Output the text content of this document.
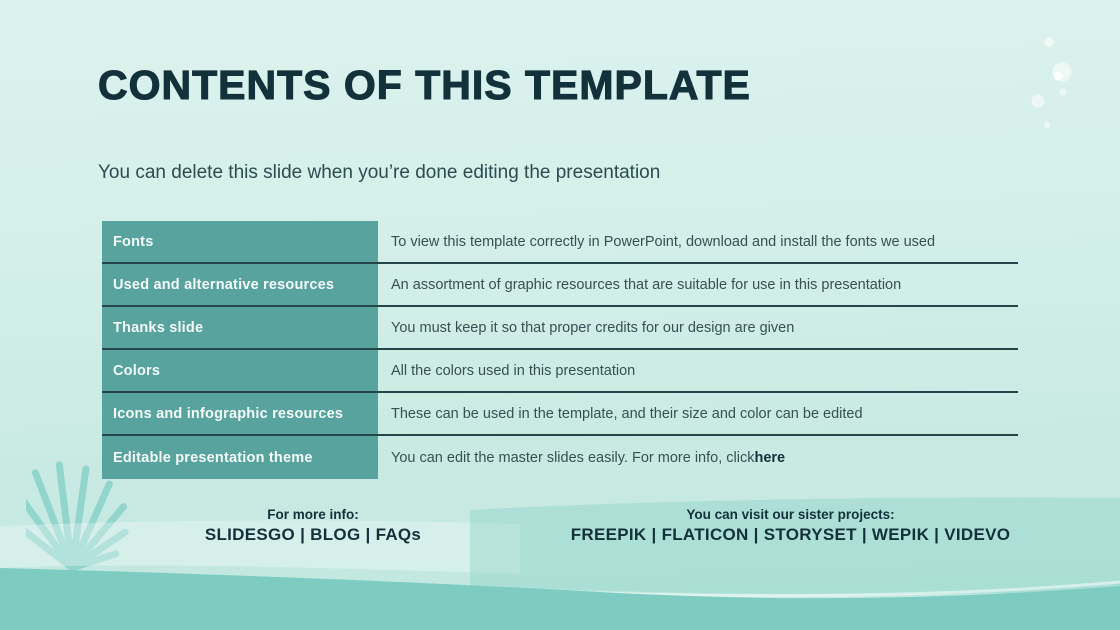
CONTENTS OF THIS TEMPLATE
You can delete this slide when you’re done editing the presentation
Fonts	To view this template correctly in PowerPoint, download and install the fonts we used
Used and alternative resources	An assortment of graphic resources that are suitable for use in this presentation
Thanks slide	You must keep it so that proper credits for our design are given
Colors	All the colors used in this presentation
Icons and infographic resources	These can be used in the template, and their size and color can be edited
Editable presentation theme	You can edit the master slides easily. For more info, click here
For more info:
SLIDESGO | BLOG | FAQs
You can visit our sister projects:
FREEPIK | FLATICON | STORYSET | WEPIK | VIDEVO
